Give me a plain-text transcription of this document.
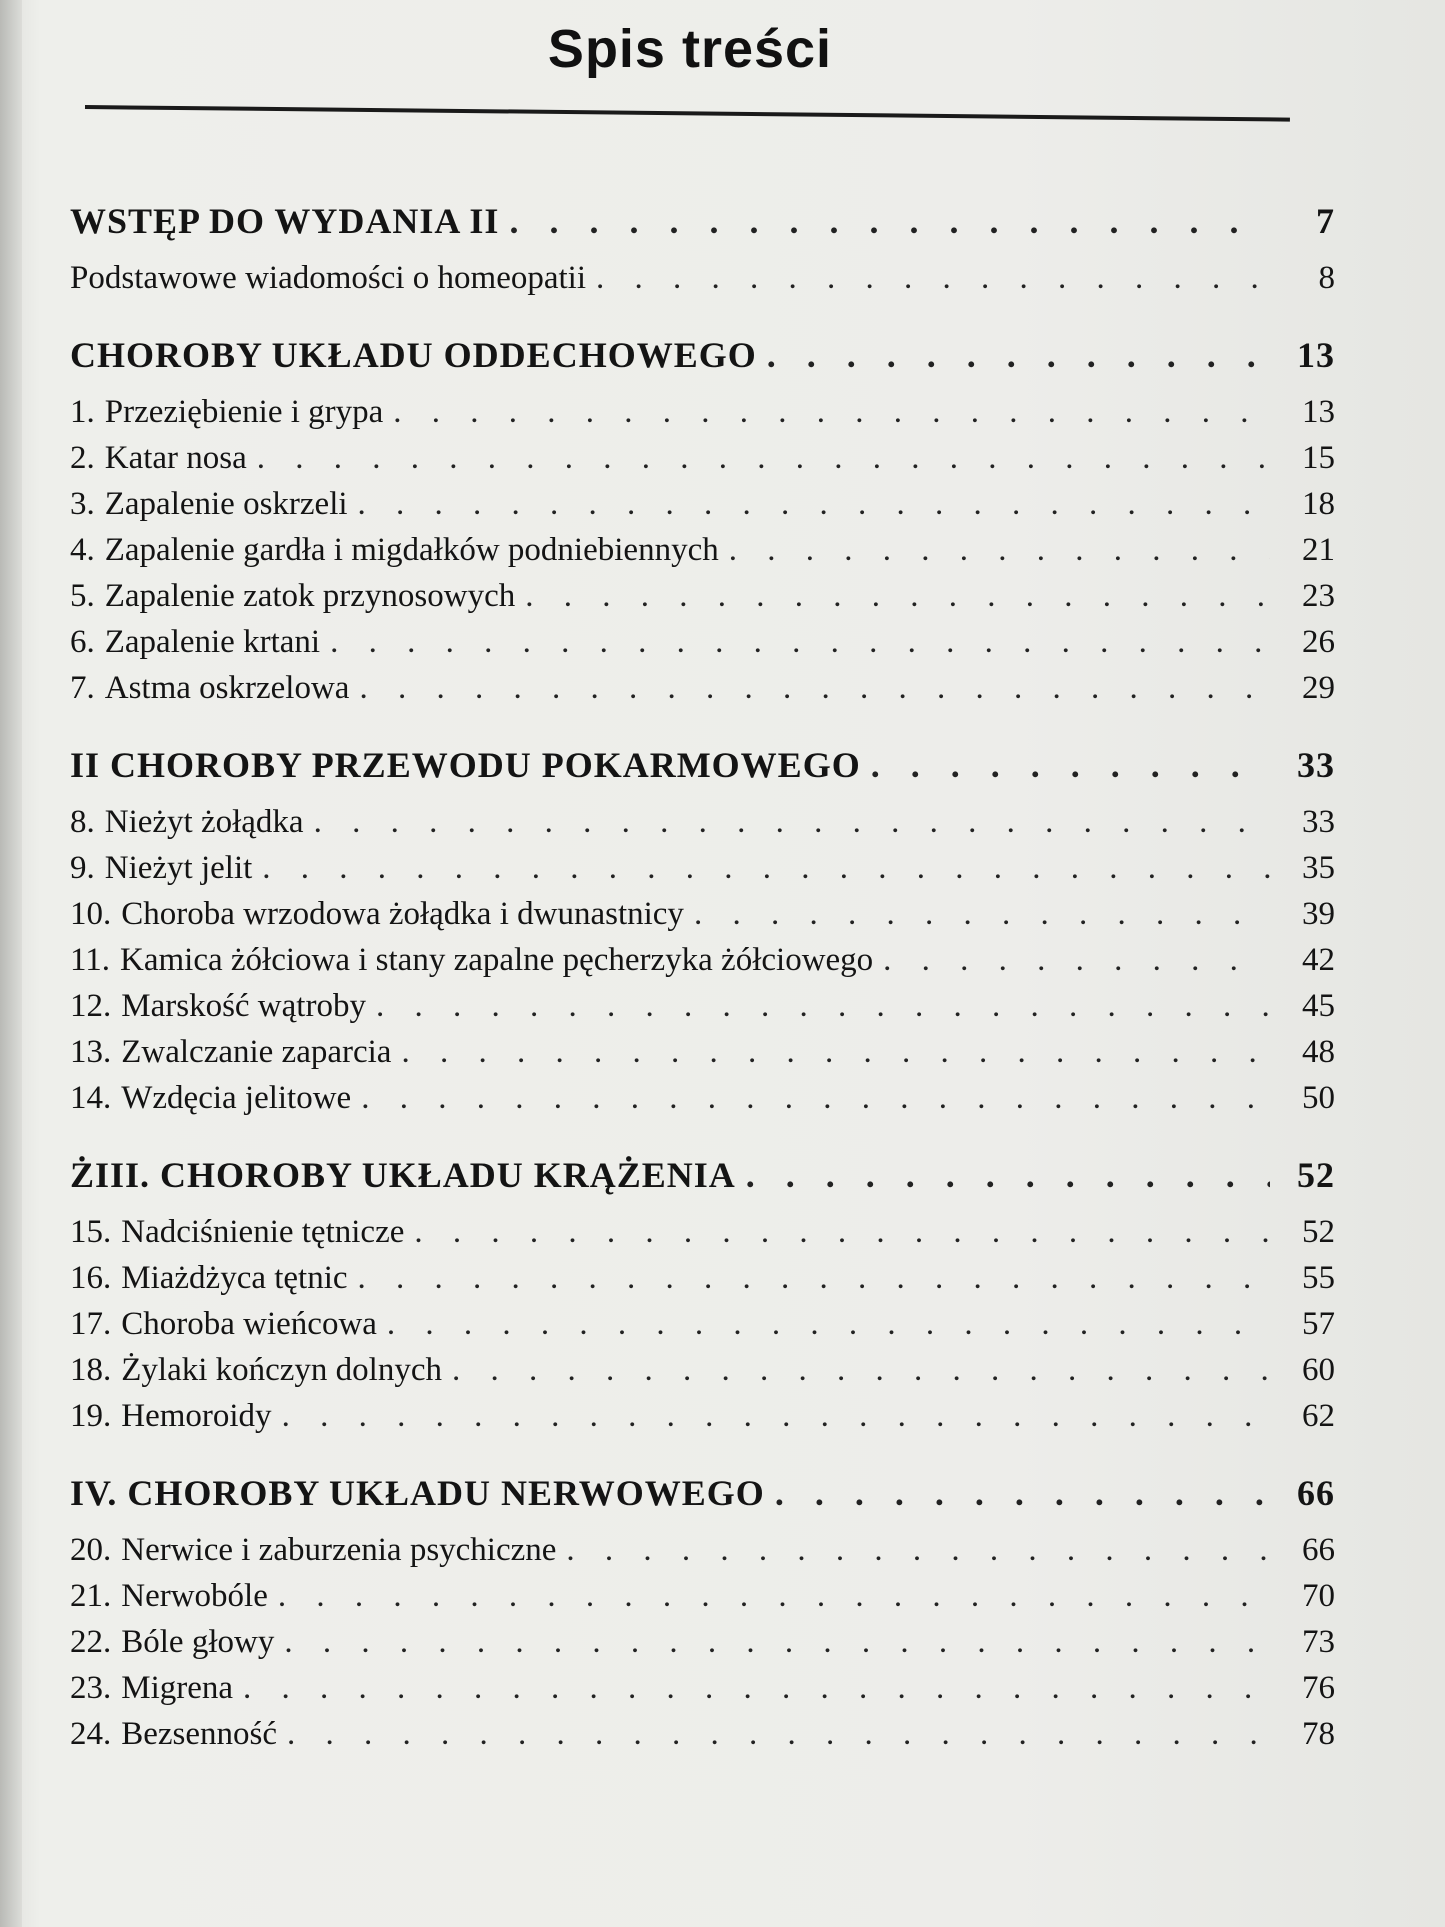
Spis treści
WSTĘP DO WYDANIA II . . .	7
Podstawowe wiadomości o homeopatii . . .	8
CHOROBY UKŁADU ODDECHOWEGO . . .	13
1. Przeziębienie i grypa . . .	13
2. Katar nosa . . .	15
3. Zapalenie oskrzeli . . .	18
4. Zapalenie gardła i migdałków podniebiennych . . .	21
5. Zapalenie zatok przynosowych . . .	23
6. Zapalenie krtani . . .	26
7. Astma oskrzelowa . . .	29
II CHOROBY PRZEWODU POKARMOWEGO . . .	33
8. Nieżyt żołądka . . .	33
9. Nieżyt jelit . . .	35
10. Choroba wrzodowa żołądka i dwunastnicy . . .	39
11. Kamica żółciowa i stany zapalne pęcherzyka żółciowego . . .	42
12. Marskość wątroby . . .	45
13. Zwalczanie zaparcia . . .	48
14. Wzdęcia jelitowe . . .	50
ŻIII. CHOROBY UKŁADU KRĄŻENIA . . .	52
15. Nadciśnienie tętnicze . . .	52
16. Miażdżyca tętnic . . .	55
17. Choroba wieńcowa . . .	57
18. Żylaki kończyn dolnych . . .	60
19. Hemoroidy . . .	62
IV. CHOROBY UKŁADU NERWOWEGO . . .	66
20. Nerwice i zaburzenia psychiczne . . .	66
21. Nerwobóle . . .	70
22. Bóle głowy . . .	73
23. Migrena . . .	76
24. Bezsenność . . .	78
